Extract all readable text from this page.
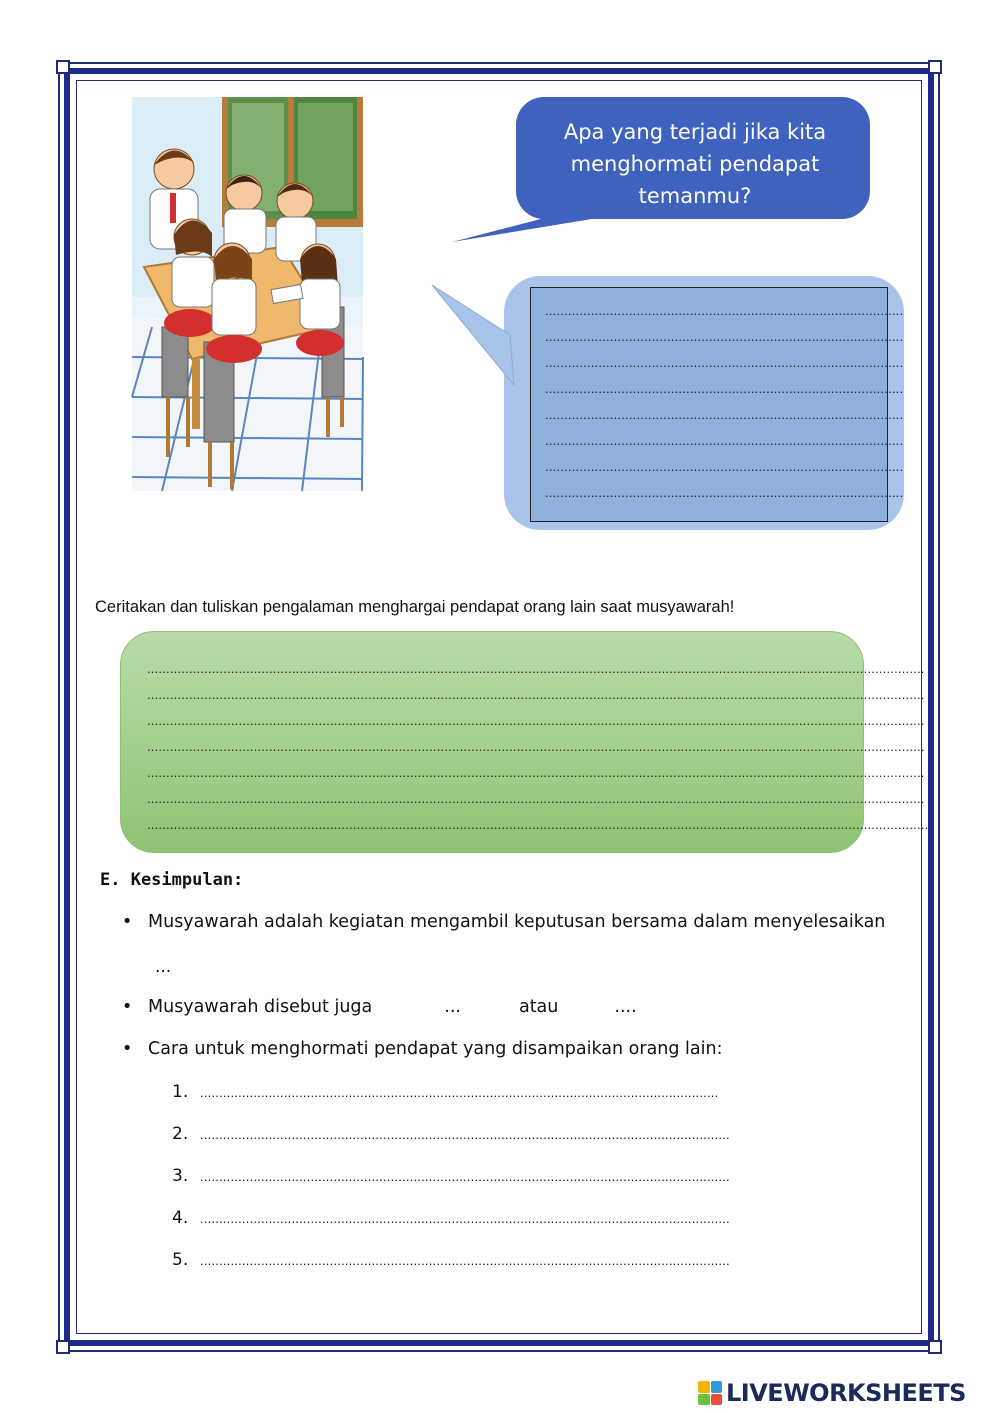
Apa yang terjadi jika kita
menghormati pendapat
temanmu?
..............................................................................................
..............................................................................................
..............................................................................................
..............................................................................................
..............................................................................................
..............................................................................................
..............................................................................................
..............................................................................................
Ceritakan dan tuliskan pengalaman menghargai pendapat orang lain saat musyawarah!
............................................................................................................................................................................................................
............................................................................................................................................................................................................
............................................................................................................................................................................................................
............................................................................................................................................................................................................
............................................................................................................................................................................................................
............................................................................................................................................................................................................
.............................................................................................................................................................................................................
E. Kesimpulan:
• Musyawarah adalah kegiatan mengambil keputusan bersama dalam menyelesaikan
...
• Musyawarah disebut juga	...	atau	....
• Cara untuk menghormati pendapat yang disampaikan orang lain:
1. ........................................................................................................................................
2. ...........................................................................................................................................
3. ...........................................................................................................................................
4. ...........................................................................................................................................
5. ...........................................................................................................................................
LIVEWORKSHEETS
